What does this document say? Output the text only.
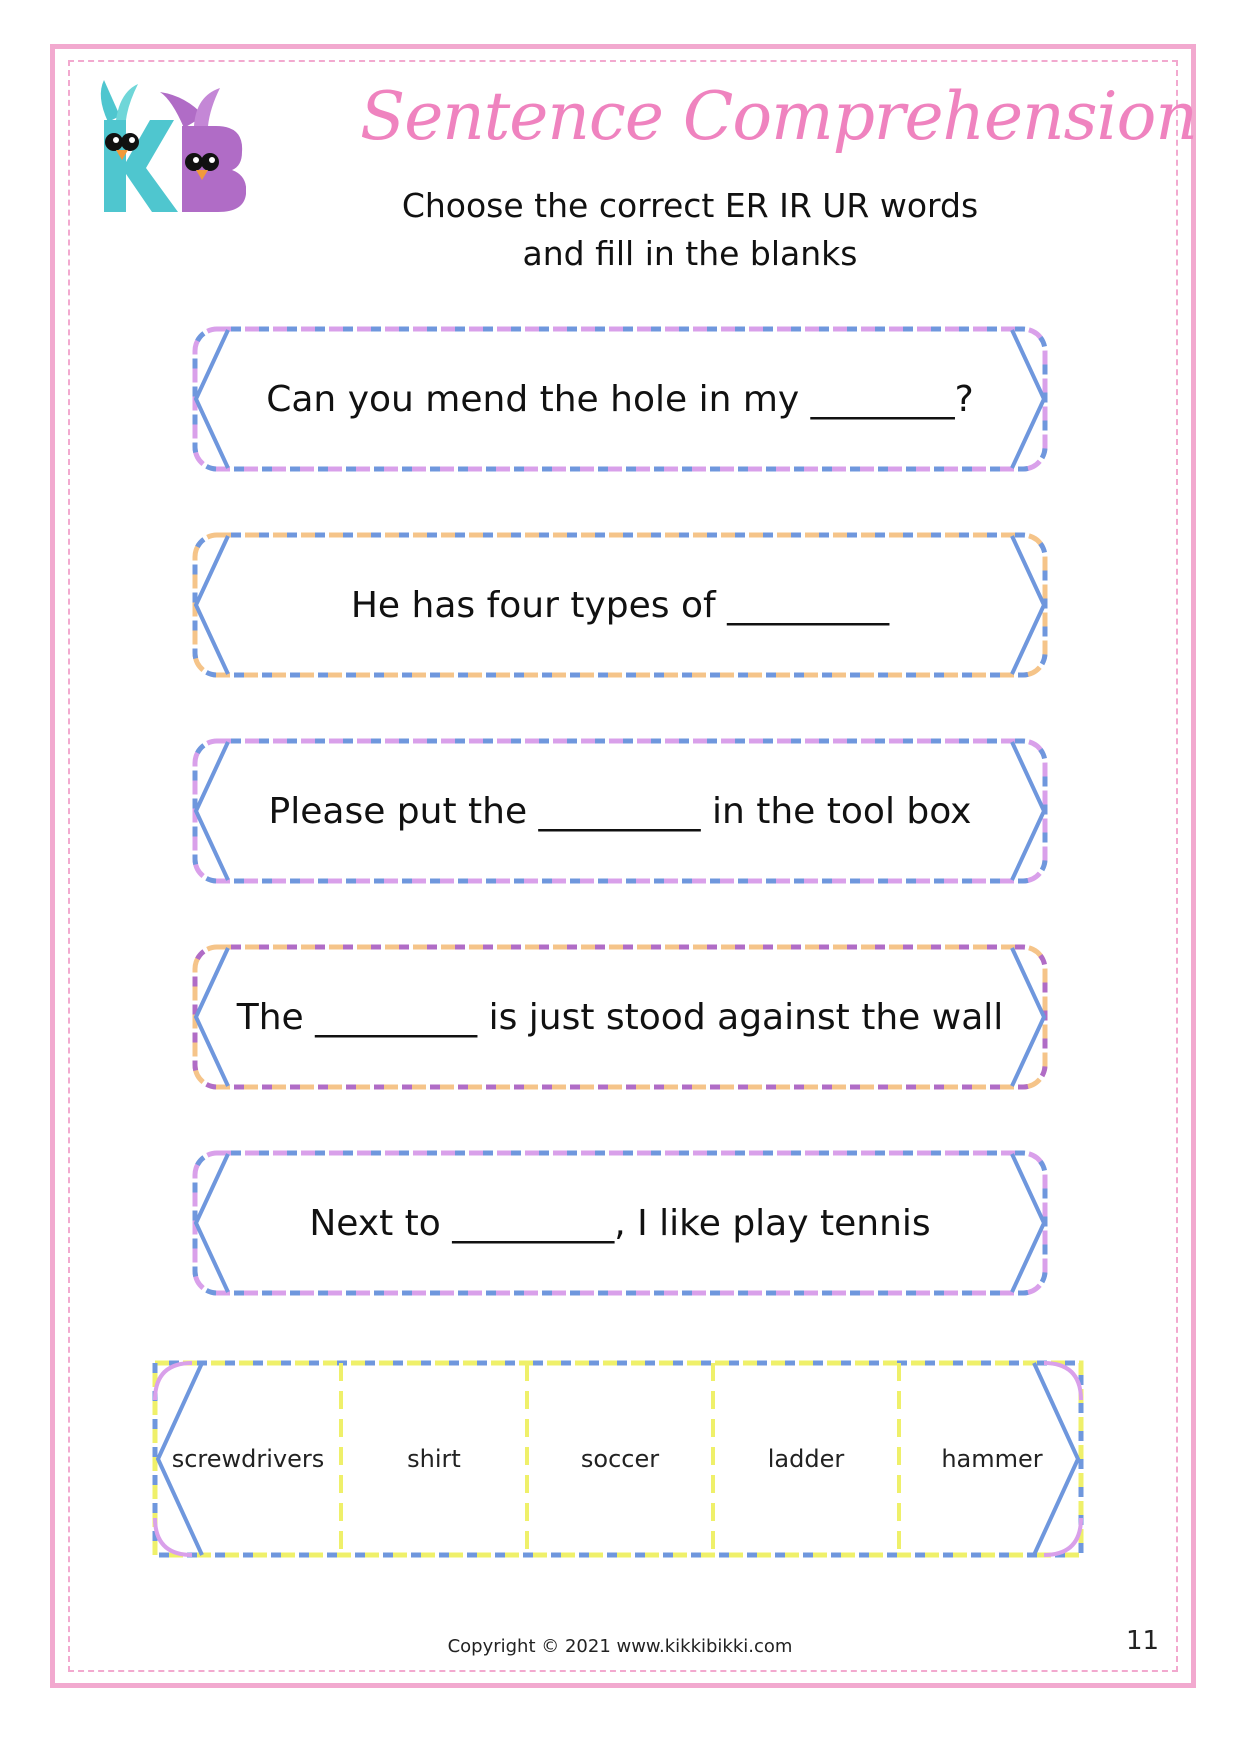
Sentence Comprehension
Choose the correct ER IR UR words
and fill in the blanks
Can you mend the hole in my ________?
He has four types of _________
Please put the _________ in the tool box
The _________ is just stood against the wall
Next to _________, I like play tennis
screwdrivers	shirt	soccer	ladder	hammer
Copyright © 2021 www.kikkibikki.com	11
